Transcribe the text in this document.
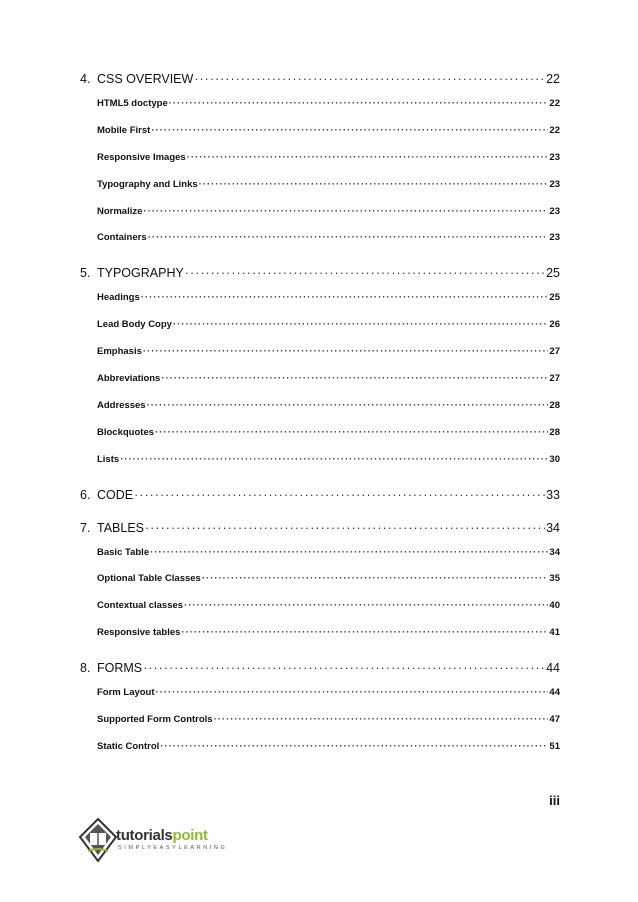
4. CSS OVERVIEW ·····	22
HTML5 doctype ·····	22
Mobile First ·····	22
Responsive Images ·····	23
Typography and Links ·····	23
Normalize ·····	23
Containers ·····	23
5. TYPOGRAPHY ·····	25
Headings ·····	25
Lead Body Copy ·····	26
Emphasis ·····	27
Abbreviations ·····	27
Addresses ·····	28
Blockquotes ·····	28
Lists ·····	30
6. CODE ·····	33
7. TABLES ·····	34
Basic Table ·····	34
Optional Table Classes ·····	35
Contextual classes ·····	40
Responsive tables ·····	41
8. FORMS ·····	44
Form Layout ·····	44
Supported Form Controls ·····	47
Static Control ·····	51
iii
tutorialspoint
SIMPLYEASYLEARNING
